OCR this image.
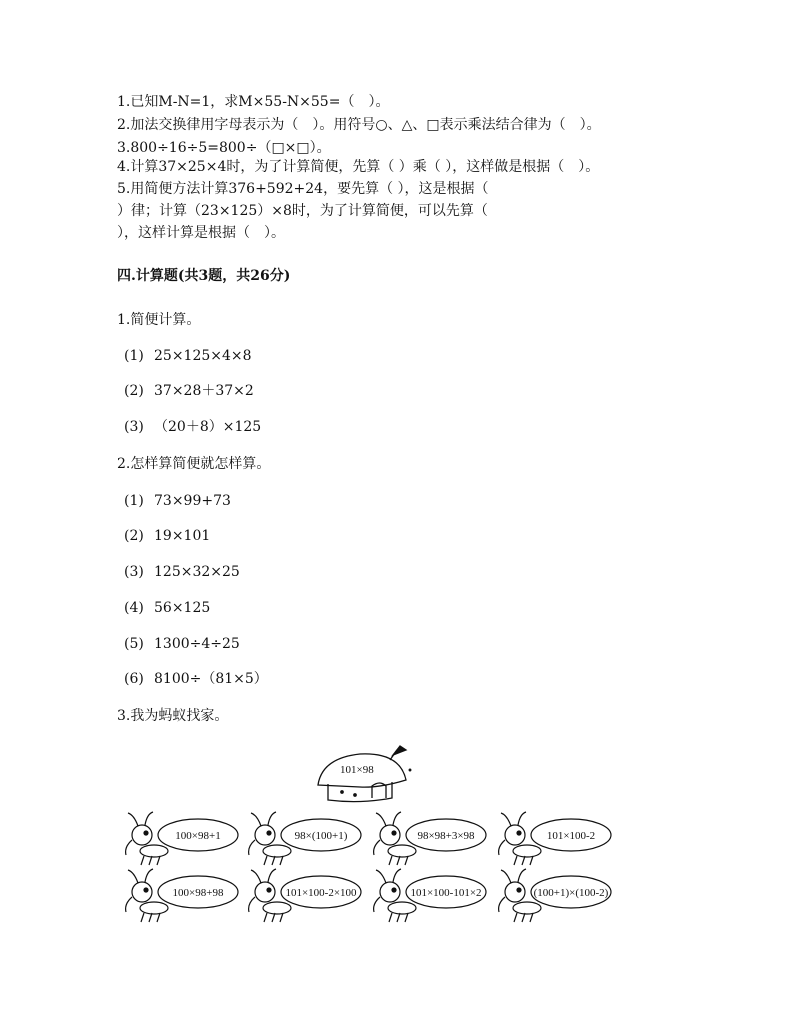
1.已知M-N=1，求M×55-N×55=（　）。
2.加法交换律用字母表示为（　）。用符号○、△、□表示乘法结合律为（　）。
3.800÷16÷5=800÷（□×□）。
4.计算37×25×4时，为了计算简便，先算（ ）乘（ ），这样做是根据（　）。
5.用简便方法计算376+592+24，要先算（ ），这是根据（
）律；计算（23×125）×8时，为了计算简便，可以先算（
），这样计算是根据（　）。
四.计算题(共3题，共26分)
1.简便计算。
(1) 25×125×4×8
(2) 37×28＋37×2
(3) （20＋8）×125
2.怎样算简便就怎样算。
(1) 73×99+73
(2) 19×101
(3) 125×32×25
(4) 56×125
(5) 1300÷4÷25
(6) 8100÷（81×5）
3.我为蚂蚁找家。
101×98
100×98+1	98×(100+1)	98×98+3×98	101×100-2
100×98+98	101×100-2×100	101×100-101×2	(100+1)×(100-2)
